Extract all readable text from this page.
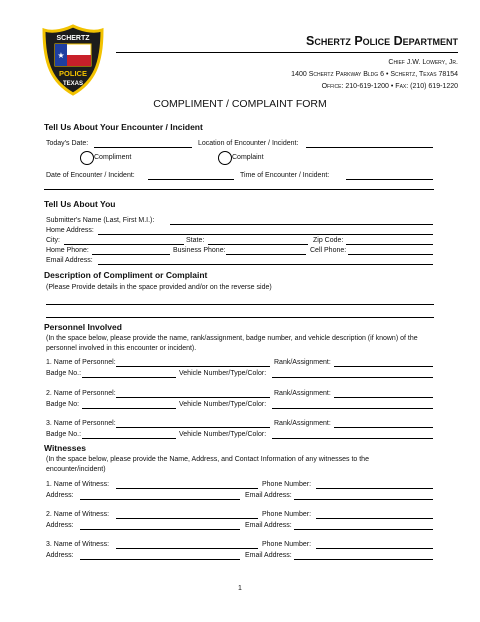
★
SCHERTZ
POLICE
TEXAS
Schertz Police Department
Chief J.W. Lowery, Jr.
1400 Schertz Parkway Bldg 6 • Schertz, Texas 78154
Office: 210-619-1200 • Fax: (210) 619-1220
COMPLIMENT / COMPLAINT FORM
Tell Us About Your Encounter / Incident
Today's Date:	Location of Encounter / Incident:
Compliment	Complaint
Date of Encounter / Incident:	Time of Encounter / Incident:
Tell Us About You
Submitter's Name (Last, First M.I.):
Home Address:
City:	State:	Zip Code:
Home Phone:	Business Phone:	Cell Phone:
Email Address:
Description of Compliment or Complaint
(Please Provide details in the space provided and/or on the reverse side)
Personnel Involved
(In the space below, please provide the name, rank/assignment, badge number, and vehicle description (if known) of the
personnel involved in this encounter or incident).
1. Name of Personnel:	Rank/Assignment:
Badge No.:	Vehicle Number/Type/Color:
2. Name of Personnel:	Rank/Assignment:
Badge No:	Vehicle Number/Type/Color:
3. Name of Personnel:	Rank/Assignment:
Badge No.:	Vehicle Number/Type/Color:
Witnesses
(In the space below, please provide the Name, Address, and Contact Information of any witnesses to the
encounter/incident)
1. Name of Witness:	Phone Number:
Address:	Email Address:
2. Name of Witness:	Phone Number:
Address:	Email Address:
3. Name of Witness:	Phone Number:
Address:	Email Address:
1
